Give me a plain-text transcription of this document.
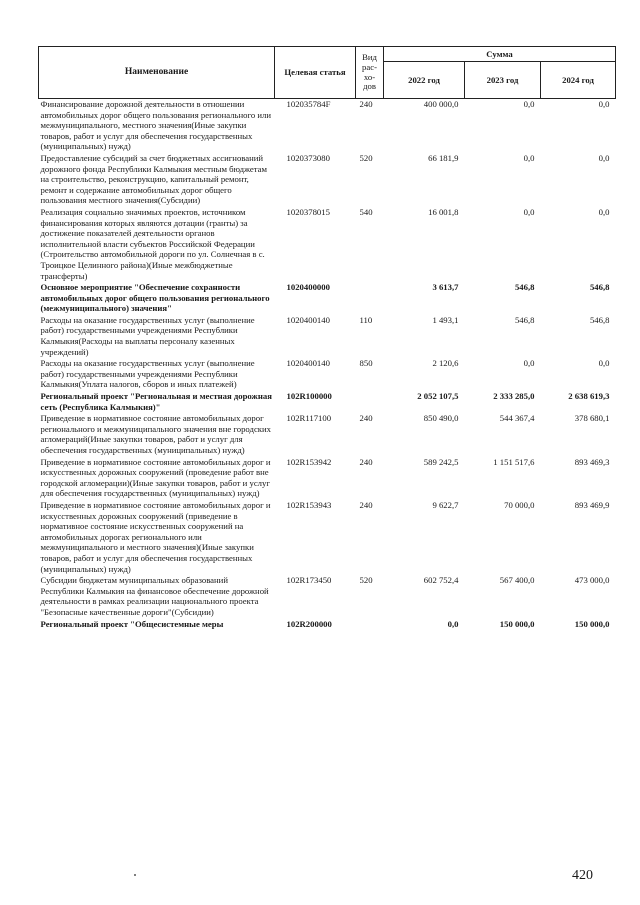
Наименование	Целевая статья	Вид
рас-
хо-
дов	Сумма		
			2022 год	2023 год	2024 год
Финансирование дорожной деятельности в отношении автомобильных дорог общего пользования регионального или межмуниципального, местного значения(Иные закупки товаров, работ и услуг для обеспечения государственных (муниципальных) нужд)	102035784F	240	400 000,0	0,0	0,0
Предоставление субсидий за счет бюджетных ассигнований дорожного фонда Республики Калмыкия местным бюджетам на строительство, реконструкцию, капитальный ремонт, ремонт и содержание автомобильных дорог общего пользования местного значения(Субсидии)	1020373080	520	66 181,9	0,0	0,0
Реализация социально значимых проектов, источником финансирования которых являются дотации (гранты) за достижение показателей деятельности органов исполнительной власти субъектов Российской Федерации (Строительство автомобильной дороги по ул. Солнечная в с. Троицкое Целинного района)(Иные межбюджетные трансферты)	1020378015	540	16 001,8	0,0	0,0
Основное мероприятие "Обеспечение сохранности автомобильных дорог общего пользования регионального (межмуниципального) значения"	1020400000		3 613,7	546,8	546,8
Расходы на оказание государственных услуг (выполнение работ) государственными учреждениями Республики Калмыкия(Расходы на выплаты персоналу казенных учреждений)	1020400140	110	1 493,1	546,8	546,8
Расходы на оказание государственных услуг (выполнение работ) государственными учреждениями Республики Калмыкия(Уплата налогов, сборов и иных платежей)	1020400140	850	2 120,6	0,0	0,0
Региональный проект "Региональная и местная дорожная сеть (Республика Калмыкия)"	102R100000		2 052 107,5	2 333 285,0	2 638 619,3
Приведение в нормативное состояние автомобильных дорог регионального и межмуниципального значения вне городских агломераций(Иные закупки товаров, работ и услуг для обеспечения государственных (муниципальных) нужд)	102R117100	240	850 490,0	544 367,4	378 680,1
Приведение в нормативное состояние автомобильных дорог и искусственных дорожных сооружений (проведение работ вне городской агломерации)(Иные закупки товаров, работ и услуг для обеспечения государственных (муниципальных) нужд)	102R153942	240	589 242,5	1 151 517,6	893 469,3
Приведение в нормативное состояние автомобильных дорог и искусственных дорожных сооружений (приведение в нормативное состояние искусственных сооружений на автомобильных дорогах регионального или межмуниципального и местного значения)(Иные закупки товаров, работ и услуг для обеспечения государственных (муниципальных) нужд)	102R153943	240	9 622,7	70 000,0	893 469,9
Субсидии бюджетам муниципальных образований Республики Калмыкия на финансовое обеспечение дорожной деятельности в рамках реализации национального проекта "Безопасные качественные дороги"(Субсидии)	102R173450	520	602 752,4	567 400,0	473 000,0
Региональный проект "Общесистемные меры	102R200000		0,0	150 000,0	150 000,0
420
